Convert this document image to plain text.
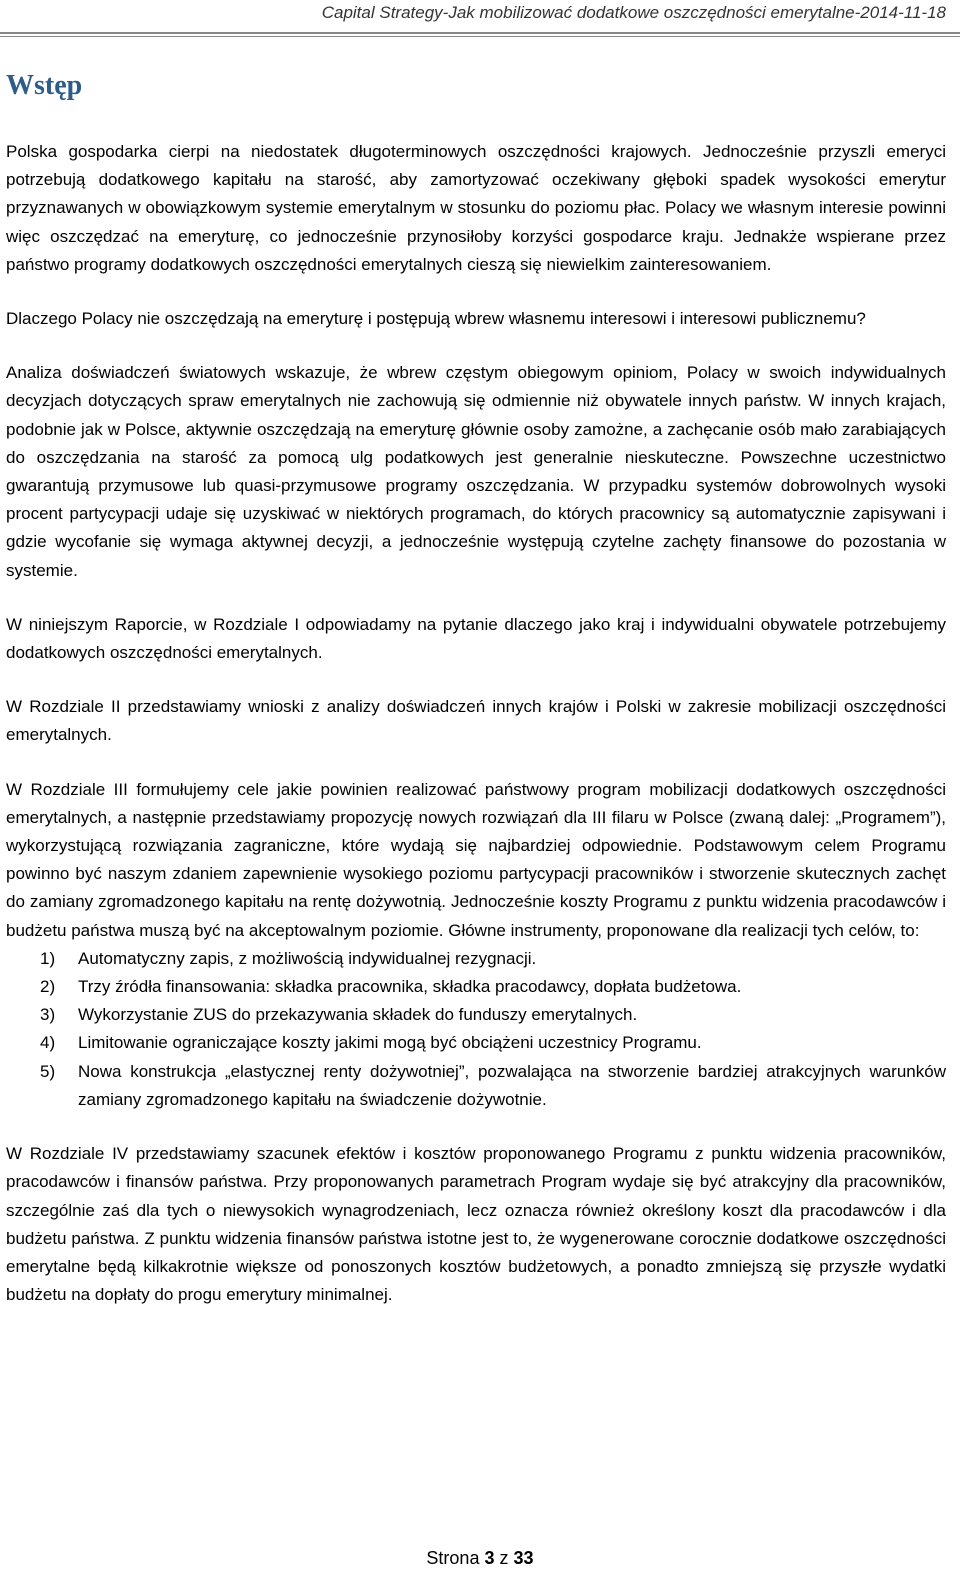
Capital Strategy-Jak mobilizować dodatkowe oszczędności emerytalne-2014-11-18
Wstęp

Polska gospodarka cierpi na niedostatek długoterminowych oszczędności krajowych. Jednocześnie przyszli emeryci potrzebują dodatkowego kapitału na starość, aby zamortyzować oczekiwany głęboki spadek wysokości emerytur przyznawanych w obowiązkowym systemie emerytalnym w stosunku do poziomu płac. Polacy we własnym interesie powinni więc oszczędzać na emeryturę, co jednocześnie przynosiłoby korzyści gospodarce kraju. Jednakże wspierane przez państwo programy dodatkowych oszczędności emerytalnych cieszą się niewielkim zainteresowaniem.

Dlaczego Polacy nie oszczędzają na emeryturę i postępują wbrew własnemu interesowi i interesowi publicznemu?

Analiza doświadczeń światowych wskazuje, że wbrew częstym obiegowym opiniom, Polacy w swoich indywidualnych decyzjach dotyczących spraw emerytalnych nie zachowują się odmiennie niż obywatele innych państw. W innych krajach, podobnie jak w Polsce, aktywnie oszczędzają na emeryturę głównie osoby zamożne, a zachęcanie osób mało zarabiających do oszczędzania na starość za pomocą ulg podatkowych jest generalnie nieskuteczne. Powszechne uczestnictwo gwarantują przymusowe lub quasi-przymusowe programy oszczędzania. W przypadku systemów dobrowolnych wysoki procent partycypacji udaje się uzyskiwać w niektórych programach, do których pracownicy są automatycznie zapisywani i gdzie wycofanie się wymaga aktywnej decyzji, a jednocześnie występują czytelne zachęty finansowe do pozostania w systemie.

W niniejszym Raporcie, w Rozdziale I odpowiadamy na pytanie dlaczego jako kraj i indywidualni obywatele potrzebujemy dodatkowych oszczędności emerytalnych.

W Rozdziale II przedstawiamy wnioski z analizy doświadczeń innych krajów i Polski w zakresie mobilizacji oszczędności emerytalnych.

W Rozdziale III formułujemy cele jakie powinien realizować państwowy program mobilizacji dodatkowych oszczędności emerytalnych, a następnie przedstawiamy propozycję nowych rozwiązań dla III filaru w Polsce (zwaną dalej: „Programem”), wykorzystującą rozwiązania zagraniczne, które wydają się najbardziej odpowiednie. Podstawowym celem Programu powinno być naszym zdaniem zapewnienie wysokiego poziomu partycypacji pracowników i stworzenie skutecznych zachęt do zamiany zgromadzonego kapitału na rentę dożywotnią. Jednocześnie koszty Programu z punktu widzenia pracodawców i budżetu państwa muszą być na akceptowalnym poziomie. Główne instrumenty, proponowane dla realizacji tych celów, to:

1) Automatyczny zapis, z możliwością indywidualnej rezygnacji.
2) Trzy źródła finansowania: składka pracownika, składka pracodawcy, dopłata budżetowa.
3) Wykorzystanie ZUS do przekazywania składek do funduszy emerytalnych.
4) Limitowanie ograniczające koszty jakimi mogą być obciążeni uczestnicy Programu.
5) Nowa konstrukcja „elastycznej renty dożywotniej”, pozwalająca na stworzenie bardziej atrakcyjnych warunków zamiany zgromadzonego kapitału na świadczenie dożywotnie.

W Rozdziale IV przedstawiamy szacunek efektów i kosztów proponowanego Programu z punktu widzenia pracowników, pracodawców i finansów państwa. Przy proponowanych parametrach Program wydaje się być atrakcyjny dla pracowników, szczególnie zaś dla tych o niewysokich wynagrodzeniach, lecz oznacza również określony koszt dla pracodawców i dla budżetu państwa. Z punktu widzenia finansów państwa istotne jest to, że wygenerowane corocznie dodatkowe oszczędności emerytalne będą kilkakrotnie większe od ponoszonych kosztów budżetowych, a ponadto zmniejszą się przyszłe wydatki budżetu na dopłaty do progu emerytury minimalnej.

Strona 3 z 33
